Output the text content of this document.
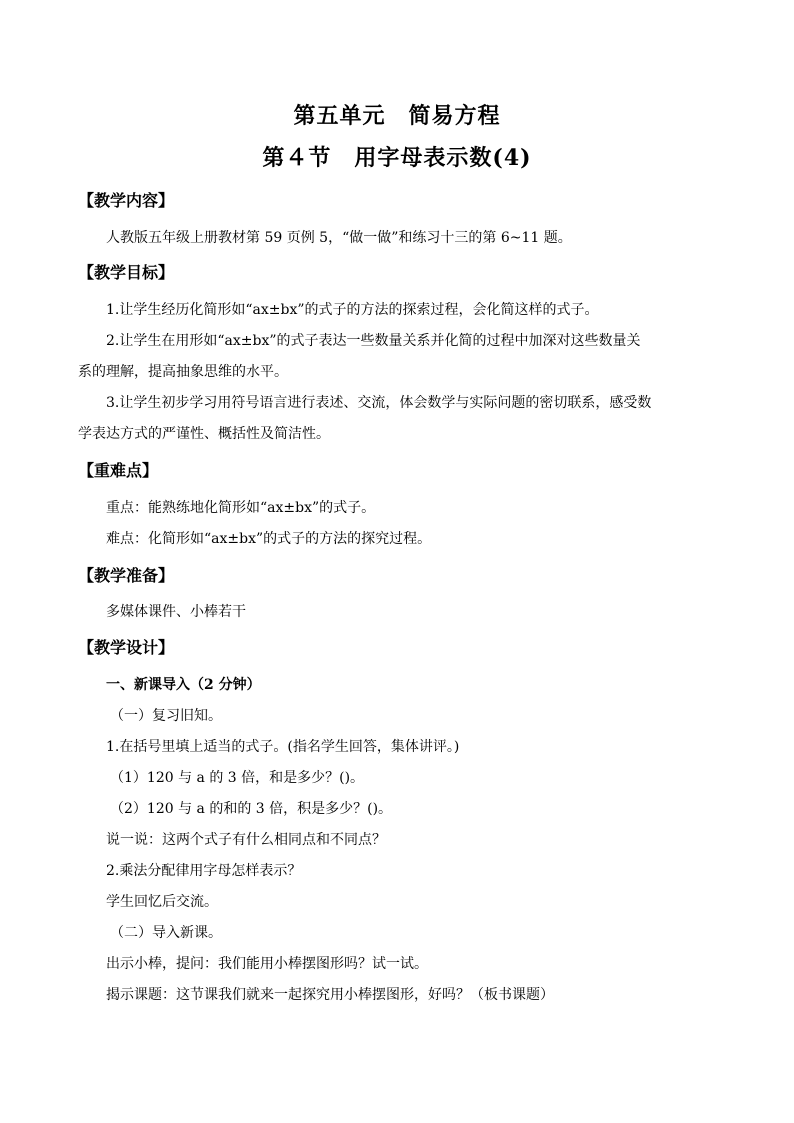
第五单元　简易方程
第４节　用字母表示数(4)
【教学内容】
人教版五年级上册教材第 59 页例 5，“做一做”和练习十三的第 6~11 题。
【教学目标】
1.让学生经历化简形如“ax±bx”的式子的方法的探索过程，会化简这样的式子。
2.让学生在用形如“ax±bx”的式子表达一些数量关系并化简的过程中加深对这些数量关
系的理解，提高抽象思维的水平。
3.让学生初步学习用符号语言进行表述、交流，体会数学与实际问题的密切联系，感受数
学表达方式的严谨性、概括性及简洁性。
【重难点】
重点：能熟练地化简形如“ax±bx”的式子。
难点：化简形如“ax±bx”的式子的方法的探究过程。
【教学准备】
多媒体课件、小棒若干
【教学设计】
一、新课导入（2 分钟）
（一）复习旧知。
1.在括号里填上适当的式子。(指名学生回答，集体讲评。)
（1）120 与 a 的 3 倍，和是多少？()。
（2）120 与 a 的和的 3 倍，积是多少？()。
说一说：这两个式子有什么相同点和不同点？
2.乘法分配律用字母怎样表示？
学生回忆后交流。
（二）导入新课。
出示小棒，提问：我们能用小棒摆图形吗？试一试。
揭示课题：这节课我们就来一起探究用小棒摆图形，好吗？（板书课题）
